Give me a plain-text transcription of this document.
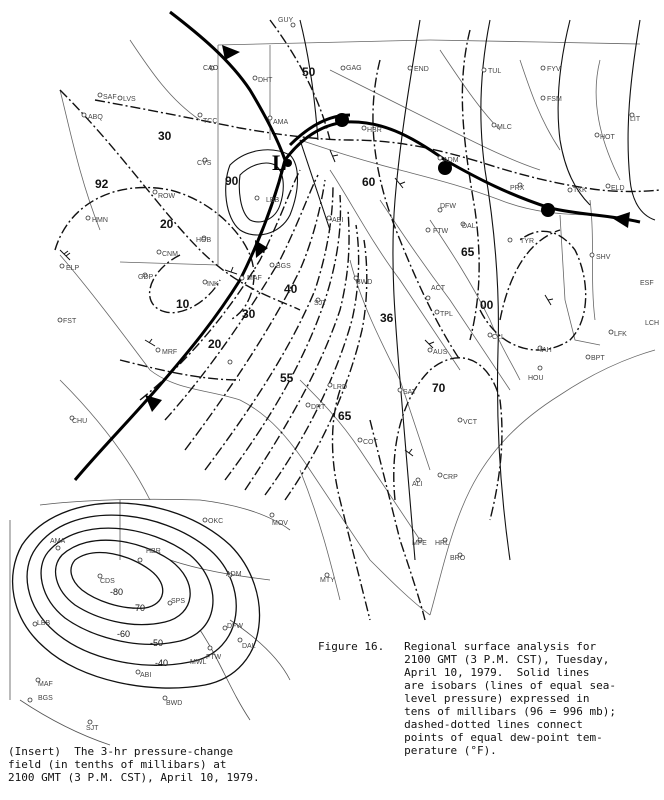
L
GUY
GAG	END	TUL	FYV
FSM
LIT
HOT
MLC
ADM
CAO
DHT
SAF LVS
ABQ
TCC	AMA
HBR
CVS
ROW
LBB
PRX	TXK	ELD
SHV
TYR
DFW
DAL
FTW
HMN
CNM
HOB
INK
MAF
BGS
ABI
BWD
ACT
TPL
LFK
ELP
GDP
MRF
SJT
FST
IAH
HOU
BPT
AUS
SAT
CLL
DRT
VCT
CRP
ALI
COT
LRD
MFE HRL
BRO
MTY
MOV
CHU
ESF
LCH
50
30
92	90
20
10
30
20
40
55
60
65
36
65
70
00
AMA
HBR
CDS
ADM
SPS
LBB	DFW
FTW
DAL
MWL
ABI
BWD
SJT
MAF
BGS
OKC
-80
-70
-60
-50
-40
Figure 16. Regional surface analysis for
2100 GMT (3 P.M. CST), Tuesday,
April 10, 1979.  Solid lines
are isobars (lines of equal sea-
level pressure) expressed in
tens of millibars (96 = 996 mb);
dashed-dotted lines connect
points of equal dew-point tem-
perature (°F).
(Insert)  The 3-hr pressure-change
field (in tenths of millibars) at
2100 GMT (3 P.M. CST), April 10, 1979.
